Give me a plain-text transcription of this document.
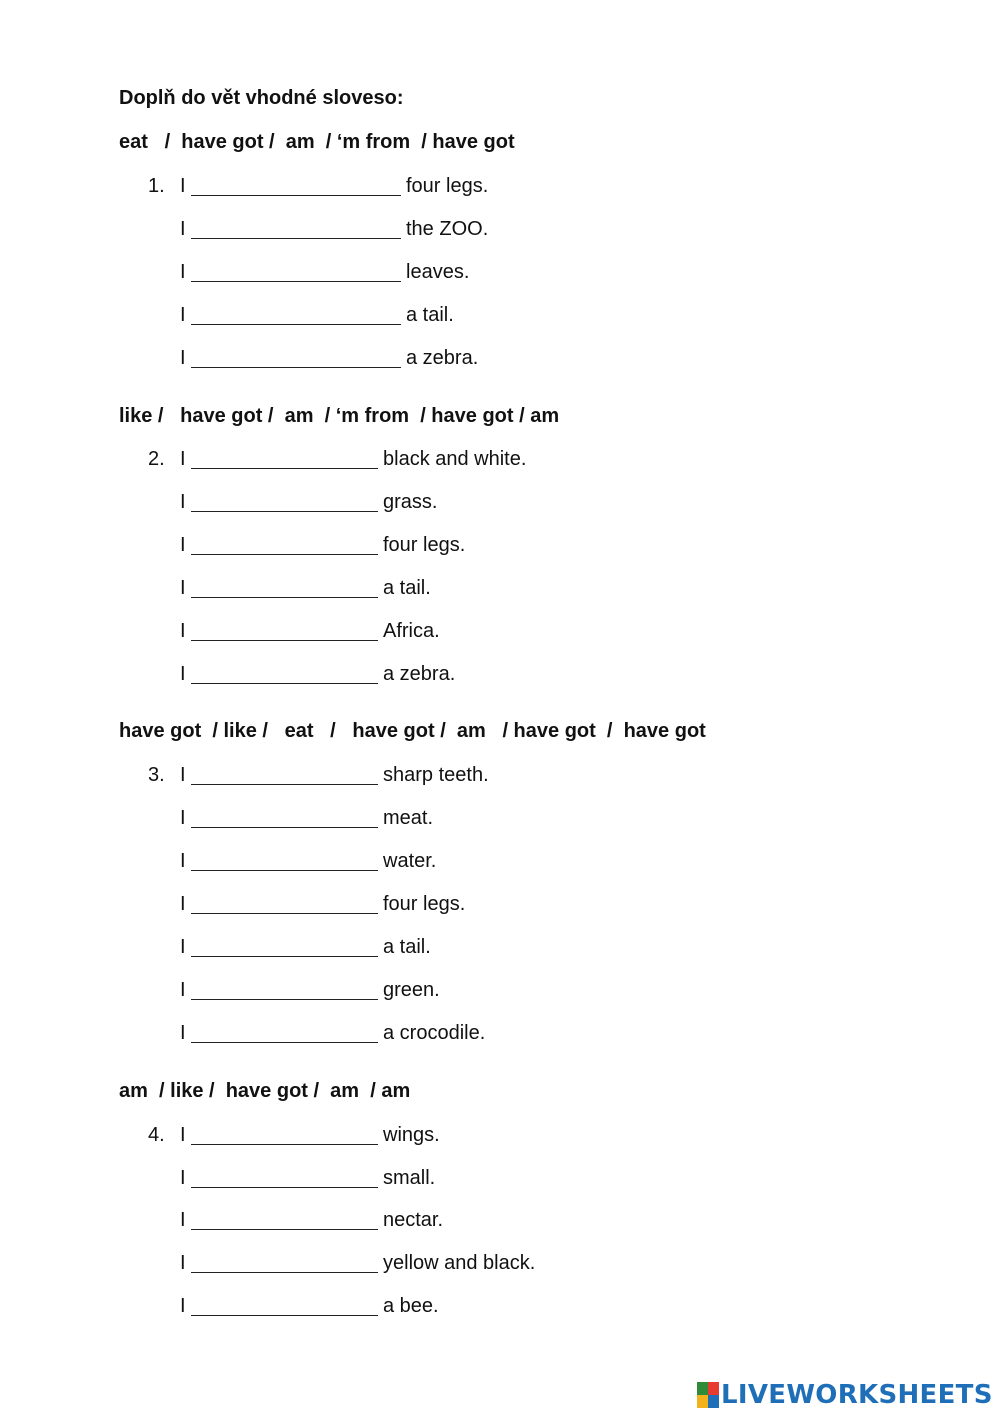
Doplň do vět vhodné sloveso:
eat   /  have got /  am  / ‘m from  / have got
1. I	four legs.
I	the ZOO.
I	leaves.
I	a tail.
I	a zebra.
like /   have got /  am  / ‘m from  / have got / am
2. I	black and white.
I	grass.
I	four legs.
I	a tail.
I	Africa.
I	a zebra.
have got  / like /   eat   /   have got /  am   / have got  /  have got
3. I	sharp teeth.
I	meat.
I	water.
I	four legs.
I	a tail.
I	green.
I	a crocodile.
am  / like /  have got /  am  / am
4. I	wings.
I	small.
I	nectar.
I	yellow and black.
I	a bee.
LIVEWORKSHEETS
